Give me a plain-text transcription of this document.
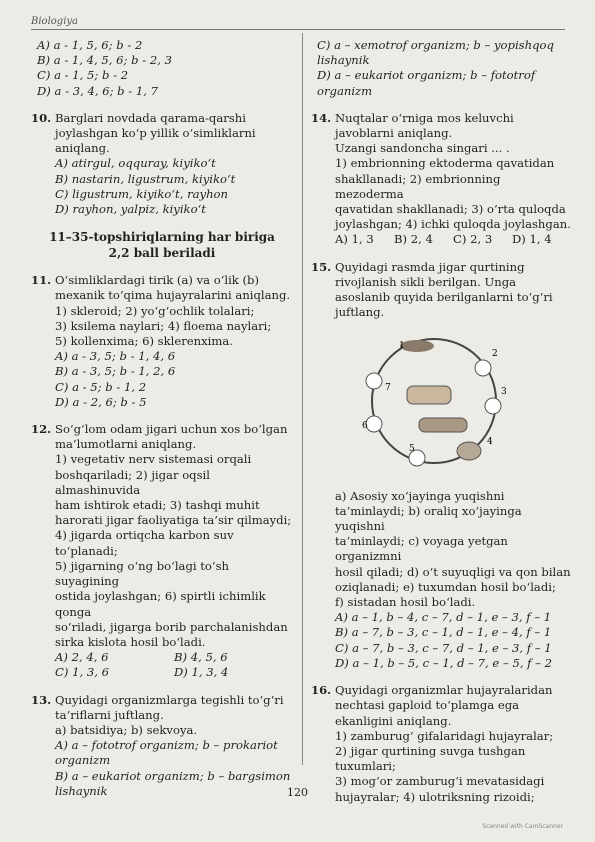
Biologiya
A) a - 1, 5, 6; b - 2
B) a - 1, 4, 5, 6; b - 2, 3
C) a - 1, 5; b - 2
D) a - 3, 4, 6; b - 1, 7
10. Barglari novdada qarama-qarshi joylashgan ko‘p yillik o‘simliklarni aniqlang.
A) atirgul, oqquray, kiyiko‘t
B) nastarin, ligustrum, kiyiko‘t
C) ligustrum, kiyiko‘t, rayhon
D) rayhon, yalpiz, kiyiko‘t
11–35-topshiriqlarning har biriga
2,2 ball beriladi
11. O‘simliklardagi tirik (a) va o‘lik (b) mexanik to‘qima hujayralarini aniqlang.
1) skleroid; 2) yo‘g‘ochlik tolalari;
3) ksilema naylari; 4) floema naylari;
5) kollenxima; 6) sklerenxima.
A) a - 3, 5; b - 1, 4, 6
B) a - 3, 5; b - 1, 2, 6
C) a - 5; b - 1, 2
D) a - 2, 6; b - 5
12. So‘g‘lom odam jigari uchun xos bo‘lgan ma’lumotlarni aniqlang.
1) vegetativ nerv sistemasi orqali
boshqariladi; 2) jigar oqsil almashinuvida
ham ishtirok etadi; 3) tashqi muhit
harorati jigar faoliyatiga ta’sir qilmaydi;
4) jigarda ortiqcha karbon suv to‘planadi;
5) jigarning o‘ng bo‘lagi to‘sh suyagining
ostida joylashgan; 6) spirtli ichimlik qonga
so‘riladi, jigarga borib parchalanishdan
sirka kislota hosil bo‘ladi.
A) 2, 4, 6	B) 4, 5, 6
C) 1, 3, 6	D) 1, 3, 4
13. Quyidagi organizmlarga tegishli to‘g‘ri ta’riflarni juftlang.
a) batsidiya; b) sekvoya.
A) a – fototrof organizm; b – prokariot organizm
B) a – eukariot organizm; b – bargsimon lishaynik
C) a – xemotrof organizm; b – yopishqoq lishaynik
D) a – eukariot organizm; b – fototrof organizm
14. Nuqtalar o‘rniga mos keluvchi javoblarni aniqlang.
Uzangi sandoncha singari ... .
1) embrionning ektoderma qavatidan
shakllanadi; 2) embrionning mezoderma
qavatidan shakllanadi; 3) o‘rta quloqda
joylashgan; 4) ichki quloqda joylashgan.
A) 1, 3	B) 2, 4	C) 2, 3	D) 1, 4
15. Quyidagi rasmda jigar qurtining rivojlanish sikli berilgan. Unga asoslanib quyida berilganlarni to‘g‘ri juftlang.
1
2
3
4
5
6
7
a) Asosiy xo‘jayinga yuqishni
ta’minlaydi; b) oraliq xo‘jayinga yuqishni
ta’minlaydi; c) voyaga yetgan organizmni
hosil qiladi; d) o‘t suyuqligi va qon bilan
oziqlanadi; e) tuxumdan hosil bo‘ladi;
f) sistadan hosil bo‘ladi.
A) a – 1, b – 4, c – 7, d – 1, e – 3, f – 1
B) a – 7, b – 3, c – 1, d – 1, e – 4, f – 1
C) a – 7, b – 3, c – 7, d – 1, e – 3, f – 1
D) a – 1, b – 5, c – 1, d – 7, e – 5, f – 2
16. Quyidagi organizmlar hujayralaridan nechtasi gaploid to‘plamga ega ekanligini aniqlang.
1) zamburug‘ gifalaridagi hujayralar;
2) jigar qurtining suvga tushgan tuxumlari;
3) mog‘or zamburug‘i mevatasidagi
hujayralar; 4) ulotriksning rizoidi;
120
Scanned with CamScanner
